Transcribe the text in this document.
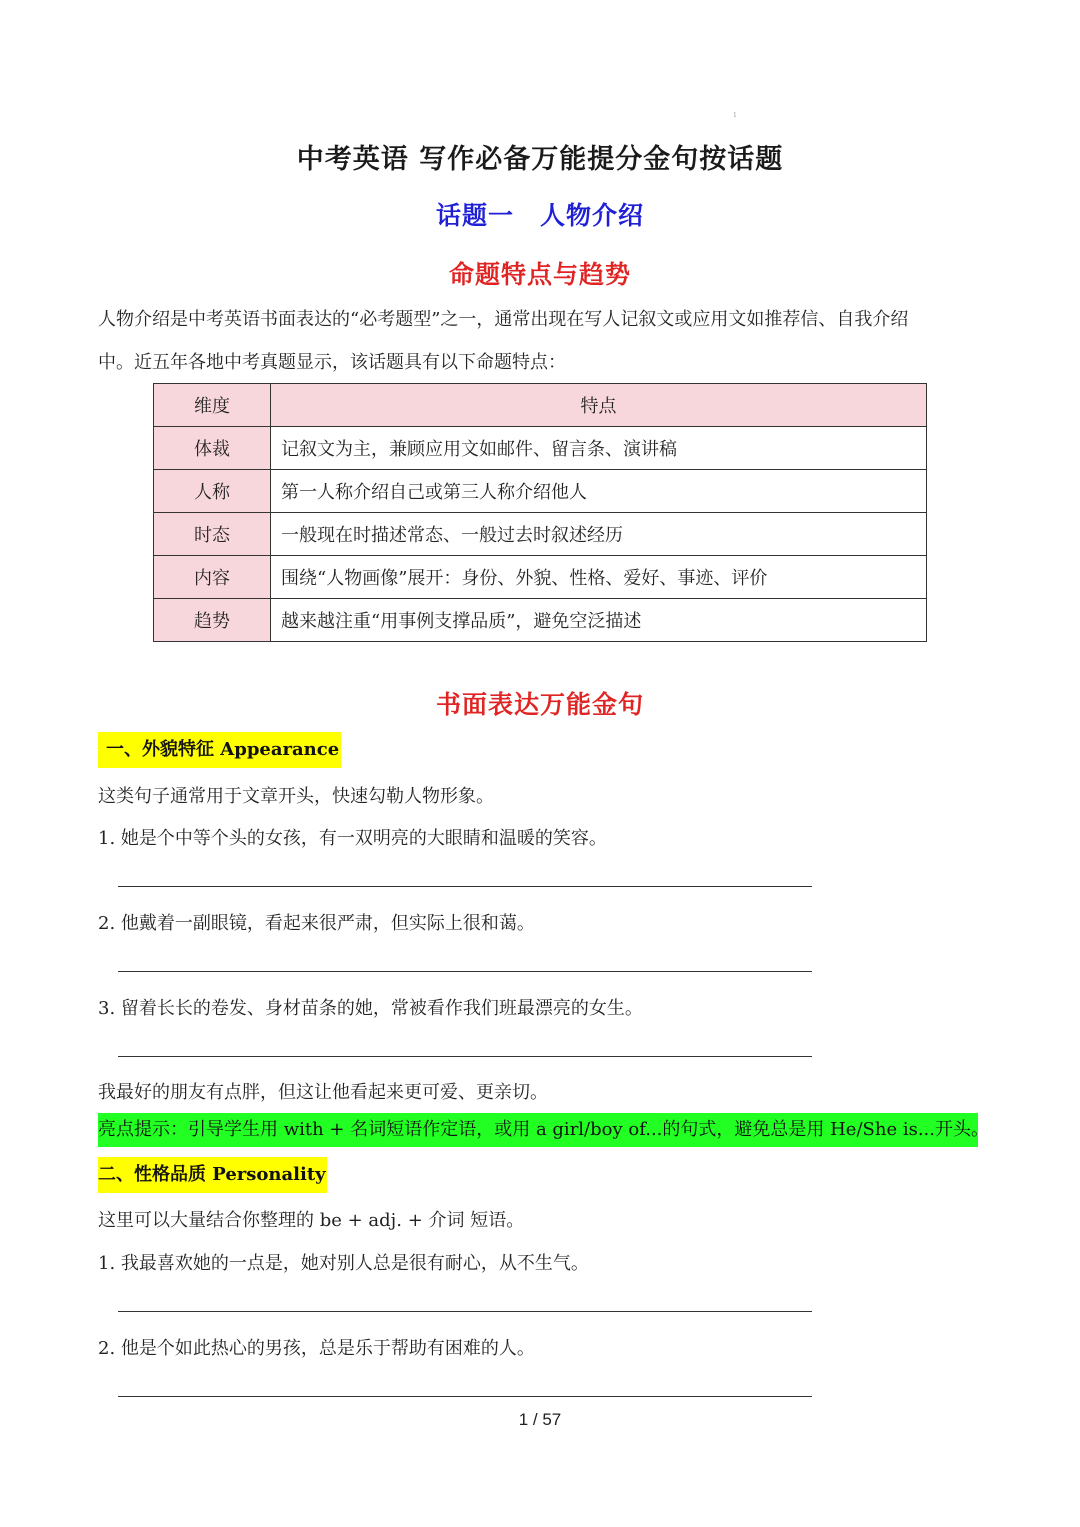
1
中考英语 写作必备万能提分金句按话题
话题一　人物介绍
命题特点与趋势
人物介绍是中考英语书面表达的“必考题型”之一，通常出现在写人记叙文或应用文如推荐信、自我介绍
中。近五年各地中考真题显示，该话题具有以下命题特点：
维度	特点
体裁	记叙文为主，兼顾应用文如邮件、留言条、演讲稿
人称	第一人称介绍自己或第三人称介绍他人
时态	一般现在时描述常态、一般过去时叙述经历
内容	围绕“人物画像”展开：身份、外貌、性格、爱好、事迹、评价
趋势	越来越注重“用事例支撑品质”，避免空泛描述
书面表达万能金句
一、外貌特征 Appearance
这类句子通常用于文章开头，快速勾勒人物形象。
1. 她是个中等个头的女孩，有一双明亮的大眼睛和温暖的笑容。
2. 他戴着一副眼镜，看起来很严肃，但实际上很和蔼。
3. 留着长长的卷发、身材苗条的她，常被看作我们班最漂亮的女生。
我最好的朋友有点胖，但这让他看起来更可爱、更亲切。
亮点提示：引导学生用 with + 名词短语作定语，或用 a girl/boy of...的句式，避免总是用 He/She is...开头。
二、性格品质 Personality
这里可以大量结合你整理的 be + adj. + 介词 短语。
1. 我最喜欢她的一点是，她对别人总是很有耐心，从不生气。
2. 他是个如此热心的男孩，总是乐于帮助有困难的人。
1 / 57
